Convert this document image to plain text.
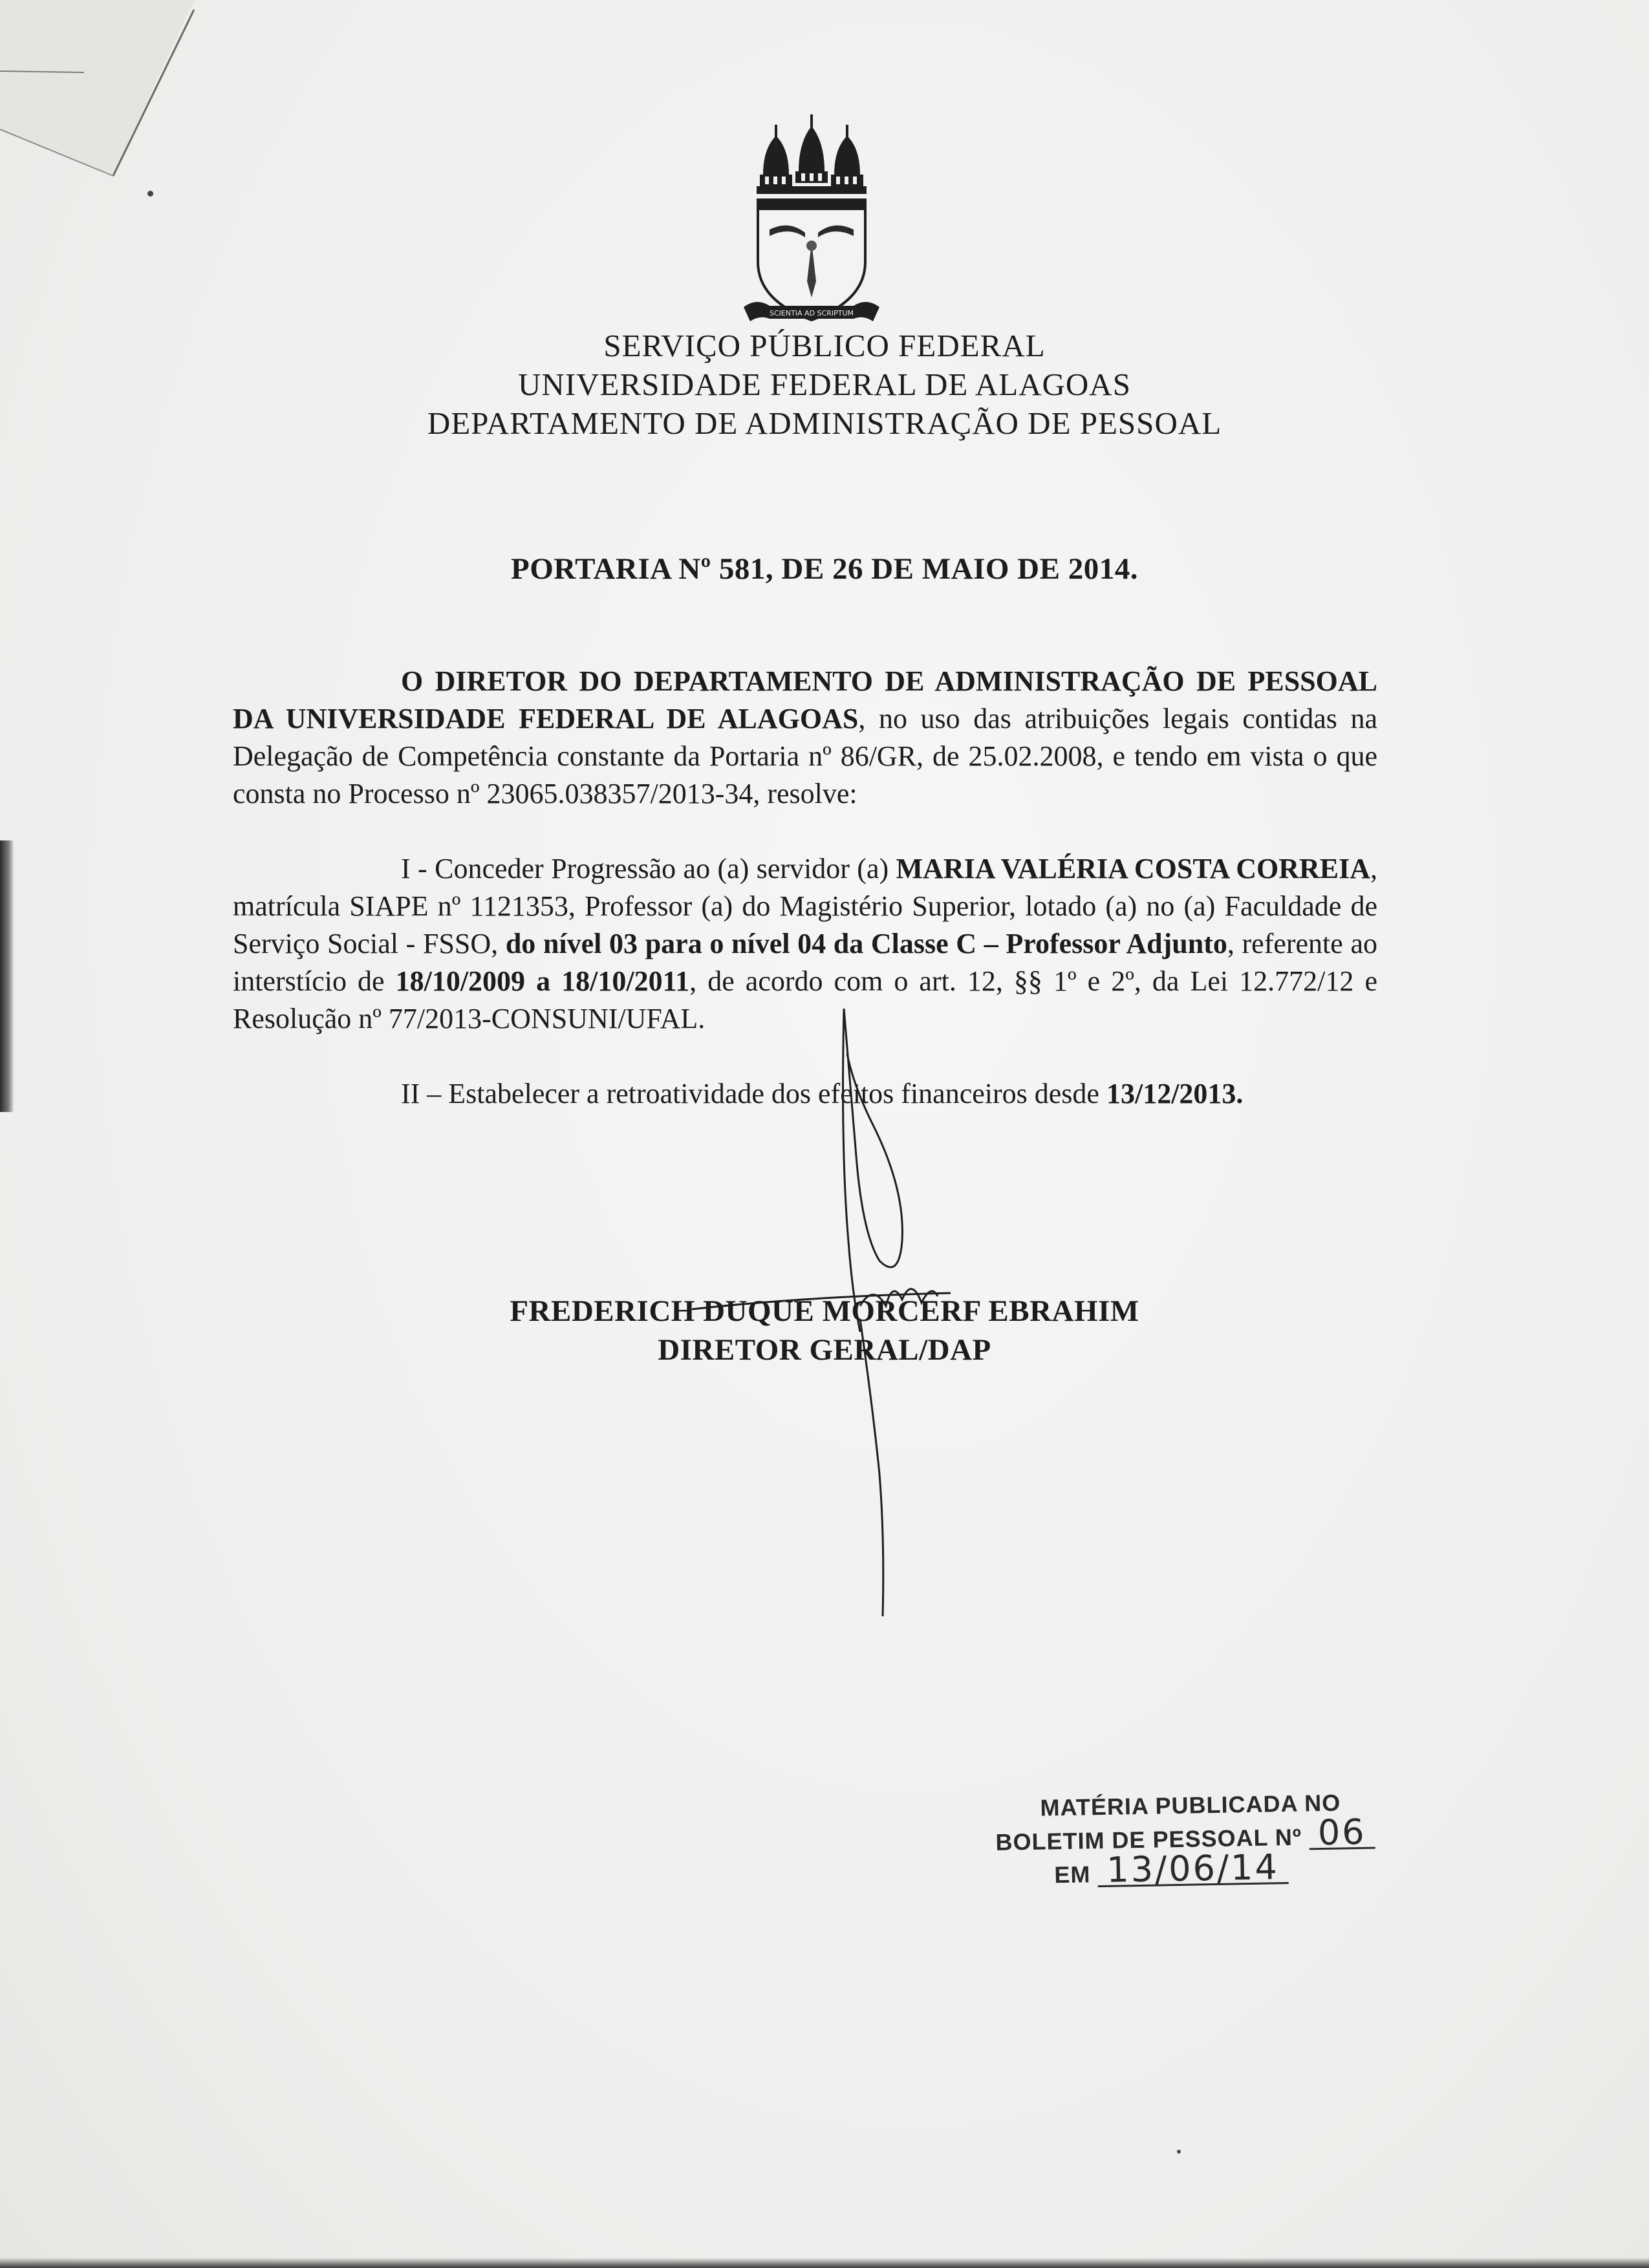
SCIENTIA AD SCRIPTUM
SERVIÇO PÚBLICO FEDERAL
UNIVERSIDADE FEDERAL DE ALAGOAS
DEPARTAMENTO DE ADMINISTRAÇÃO DE PESSOAL
PORTARIA Nº 581, DE 26 DE MAIO DE 2014.

O DIRETOR DO DEPARTAMENTO DE ADMINISTRAÇÃO DE PESSOAL DA UNIVERSIDADE FEDERAL DE ALAGOAS, no uso das atribuições legais contidas na Delegação de Competência constante da Portaria nº 86/GR, de 25.02.2008, e tendo em vista o que consta no Processo nº 23065.038357/2013-34, resolve:

I - Conceder Progressão ao (a) servidor (a) MARIA VALÉRIA COSTA CORREIA, matrícula SIAPE nº 1121353, Professor (a) do Magistério Superior, lotado (a) no (a) Faculdade de Serviço Social - FSSO, do nível 03 para o nível 04 da Classe C – Professor Adjunto, referente ao interstício de 18/10/2009 a 18/10/2011, de acordo com o art. 12, §§ 1º e 2º, da Lei 12.772/12 e Resolução nº 77/2013-CONSUNI/UFAL.

II – Estabelecer a retroatividade dos efeitos financeiros desde 13/12/2013.

FREDERICH DUQUE MORCERF EBRAHIM
DIRETOR GERAL/DAP
MATÉRIA PUBLICADA NO
BOLETIM DE PESSOAL Nº 06
EM 13/06/14
